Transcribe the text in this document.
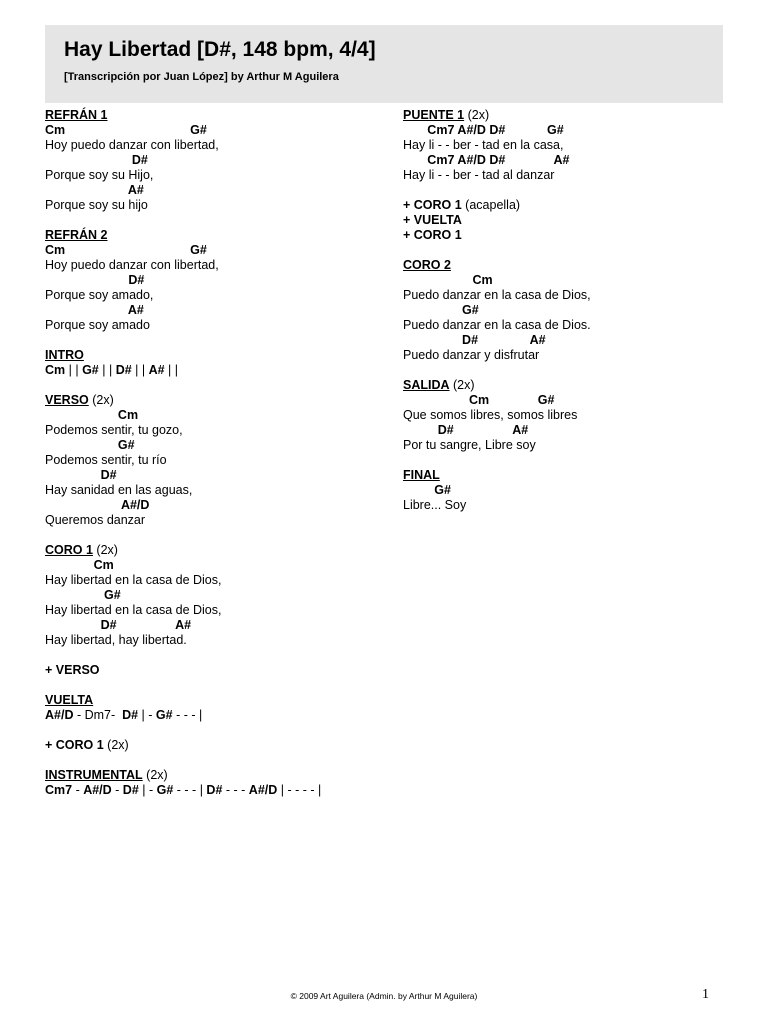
Hay Libertad [D#, 148 bpm, 4/4]
[Transcripción por Juan López] by Arthur M Aguilera
REFRÁN 1
Cm                                    G#
Hoy puedo danzar con libertad,
D#
Porque soy su Hijo,
A#
Porque soy su hijo
REFRÁN 2
Cm                                    G#
Hoy puedo danzar con libertad,
D#
Porque soy amado,
A#
Porque soy amado
INTRO
Cm | | G# | | D# | | A# | |
VERSO (2x)
Cm
Podemos sentir, tu gozo,
G#
Podemos sentir, tu río
D#
Hay sanidad en las aguas,
A#/D
Queremos danzar
CORO 1 (2x)
Cm
Hay libertad en la casa de Dios,
G#
Hay libertad en la casa de Dios,
D#                 A#
Hay libertad, hay libertad.
+ VERSO
VUELTA
A#/D - Dm7-  D# | - G# - - - |
+ CORO 1 (2x)
INSTRUMENTAL (2x)
Cm7 - A#/D - D# | - G# - - - | D# - - - A#/D | - - - - |
PUENTE 1 (2x)
Cm7 A#/D D#            G#
Hay li - - ber - tad en la casa,
Cm7 A#/D D#              A#
Hay li - - ber - tad al danzar
+ CORO 1 (acapella)
+ VUELTA
+ CORO 1
CORO 2
Cm
Puedo danzar en la casa de Dios,
G#
Puedo danzar en la casa de Dios.
D#               A#
Puedo danzar y disfrutar
SALIDA (2x)
Cm              G#
Que somos libres, somos libres
D#                 A#
Por tu sangre, Libre soy
FINAL
G#
Libre... Soy
© 2009 Art Aguilera (Admin. by Arthur M Aguilera)	1
